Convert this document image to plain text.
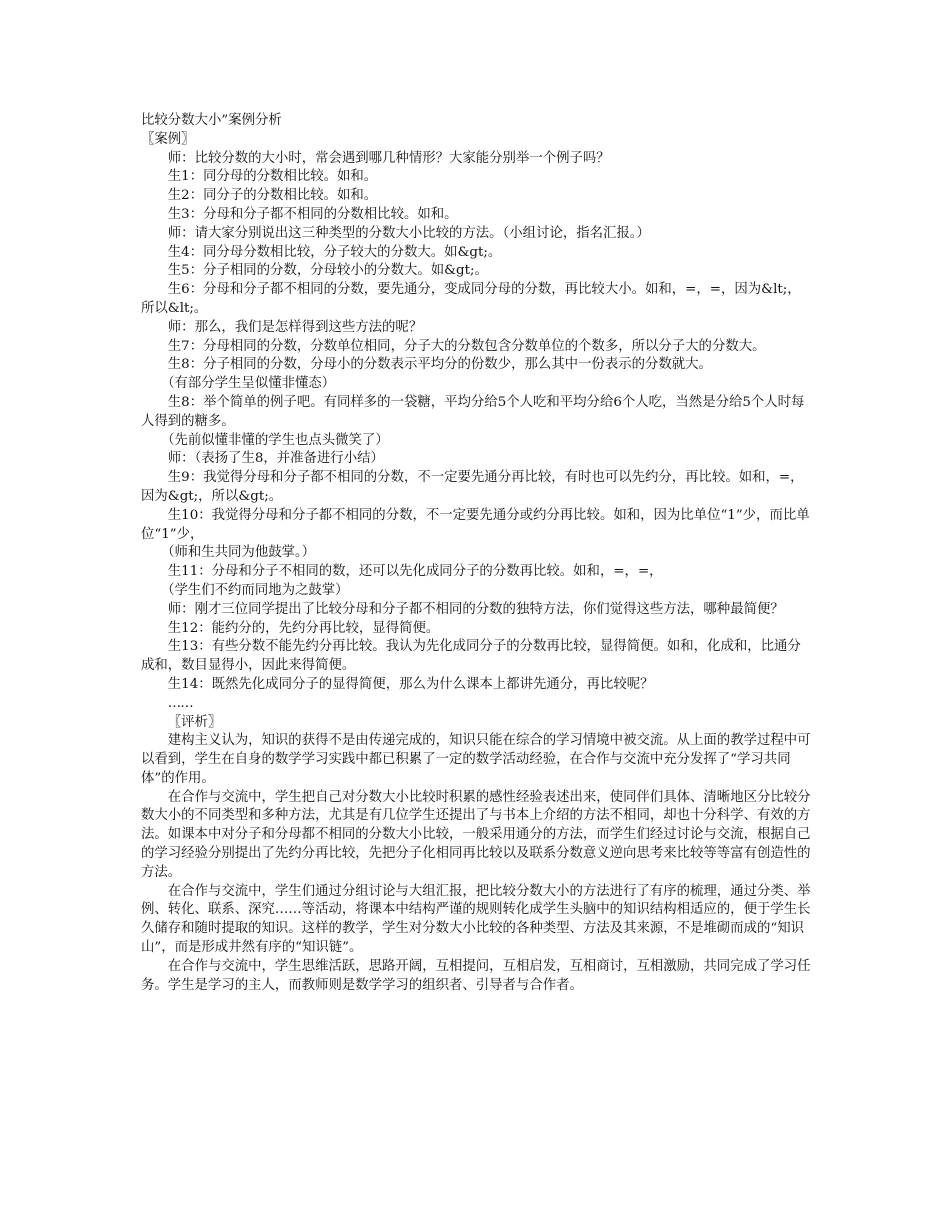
比较分数大小”案例分析

〖案例〗

师：比较分数的大小时，常会遇到哪几种情形？大家能分别举一个例子吗？

生1：同分母的分数相比较。如和。

生2：同分子的分数相比较。如和。

生3：分母和分子都不相同的分数相比较。如和。

师：请大家分别说出这三种类型的分数大小比较的方法。（小组讨论，指名汇报。）

生4：同分母分数相比较，分子较大的分数大。如&gt;。

生5：分子相同的分数，分母较小的分数大。如&gt;。

生6：分母和分子都不相同的分数，要先通分，变成同分母的分数，再比较大小。如和，=，=，因为&lt;，所以&lt;。

师：那么，我们是怎样得到这些方法的呢？

生7：分母相同的分数，分数单位相同，分子大的分数包含分数单位的个数多，所以分子大的分数大。

生8：分子相同的分数，分母小的分数表示平均分的份数少，那么其中一份表示的分数就大。

（有部分学生呈似懂非懂态）

生8：举个简单的例子吧。有同样多的一袋糖，平均分给5个人吃和平均分给6个人吃，当然是分给5个人时每人得到的糖多。

（先前似懂非懂的学生也点头微笑了）

师：（表扬了生8，并准备进行小结）

生9：我觉得分母和分子都不相同的分数，不一定要先通分再比较，有时也可以先约分，再比较。如和，=，因为&gt;，所以&gt;。

生10：我觉得分母和分子都不相同的分数，不一定要先通分或约分再比较。如和，因为比单位“1”少，而比单位“1”少，

（师和生共同为他鼓掌。）

生11：分母和分子不相同的数，还可以先化成同分子的分数再比较。如和，=，=，

（学生们不约而同地为之鼓掌）

师：刚才三位同学提出了比较分母和分子都不相同的分数的独特方法，你们觉得这些方法，哪种最简便？

生12：能约分的，先约分再比较，显得简便。

生13：有些分数不能先约分再比较。我认为先化成同分子的分数再比较，显得简便。如和，化成和，比通分成和，数目显得小，因此来得简便。

生14：既然先化成同分子的显得简便，那么为什么课本上都讲先通分，再比较呢？

……

〖评析〗

建构主义认为，知识的获得不是由传递完成的，知识只能在综合的学习情境中被交流。从上面的教学过程中可以看到，学生在自身的数学学习实践中都已积累了一定的数学活动经验，在合作与交流中充分发挥了“学习共同体”的作用。

在合作与交流中，学生把自己对分数大小比较时积累的感性经验表述出来，使同伴们具体、清晰地区分比较分数大小的不同类型和多种方法，尤其是有几位学生还提出了与书本上介绍的方法不相同，却也十分科学、有效的方法。如课本中对分子和分母都不相同的分数大小比较，一般采用通分的方法，而学生们经过讨论与交流，根据自己的学习经验分别提出了先约分再比较，先把分子化相同再比较以及联系分数意义逆向思考来比较等等富有创造性的方法。

在合作与交流中，学生们通过分组讨论与大组汇报，把比较分数大小的方法进行了有序的梳理，通过分类、举例、转化、联系、深究……等活动，将课本中结构严谨的规则转化成学生头脑中的知识结构相适应的，便于学生长久储存和随时提取的知识。这样的教学，学生对分数大小比较的各种类型、方法及其来源，不是堆砌而成的“知识山”，而是形成井然有序的“知识链”。

在合作与交流中，学生思维活跃，思路开阔，互相提问，互相启发，互相商讨，互相激励，共同完成了学习任务。学生是学习的主人，而教师则是数学学习的组织者、引导者与合作者。
